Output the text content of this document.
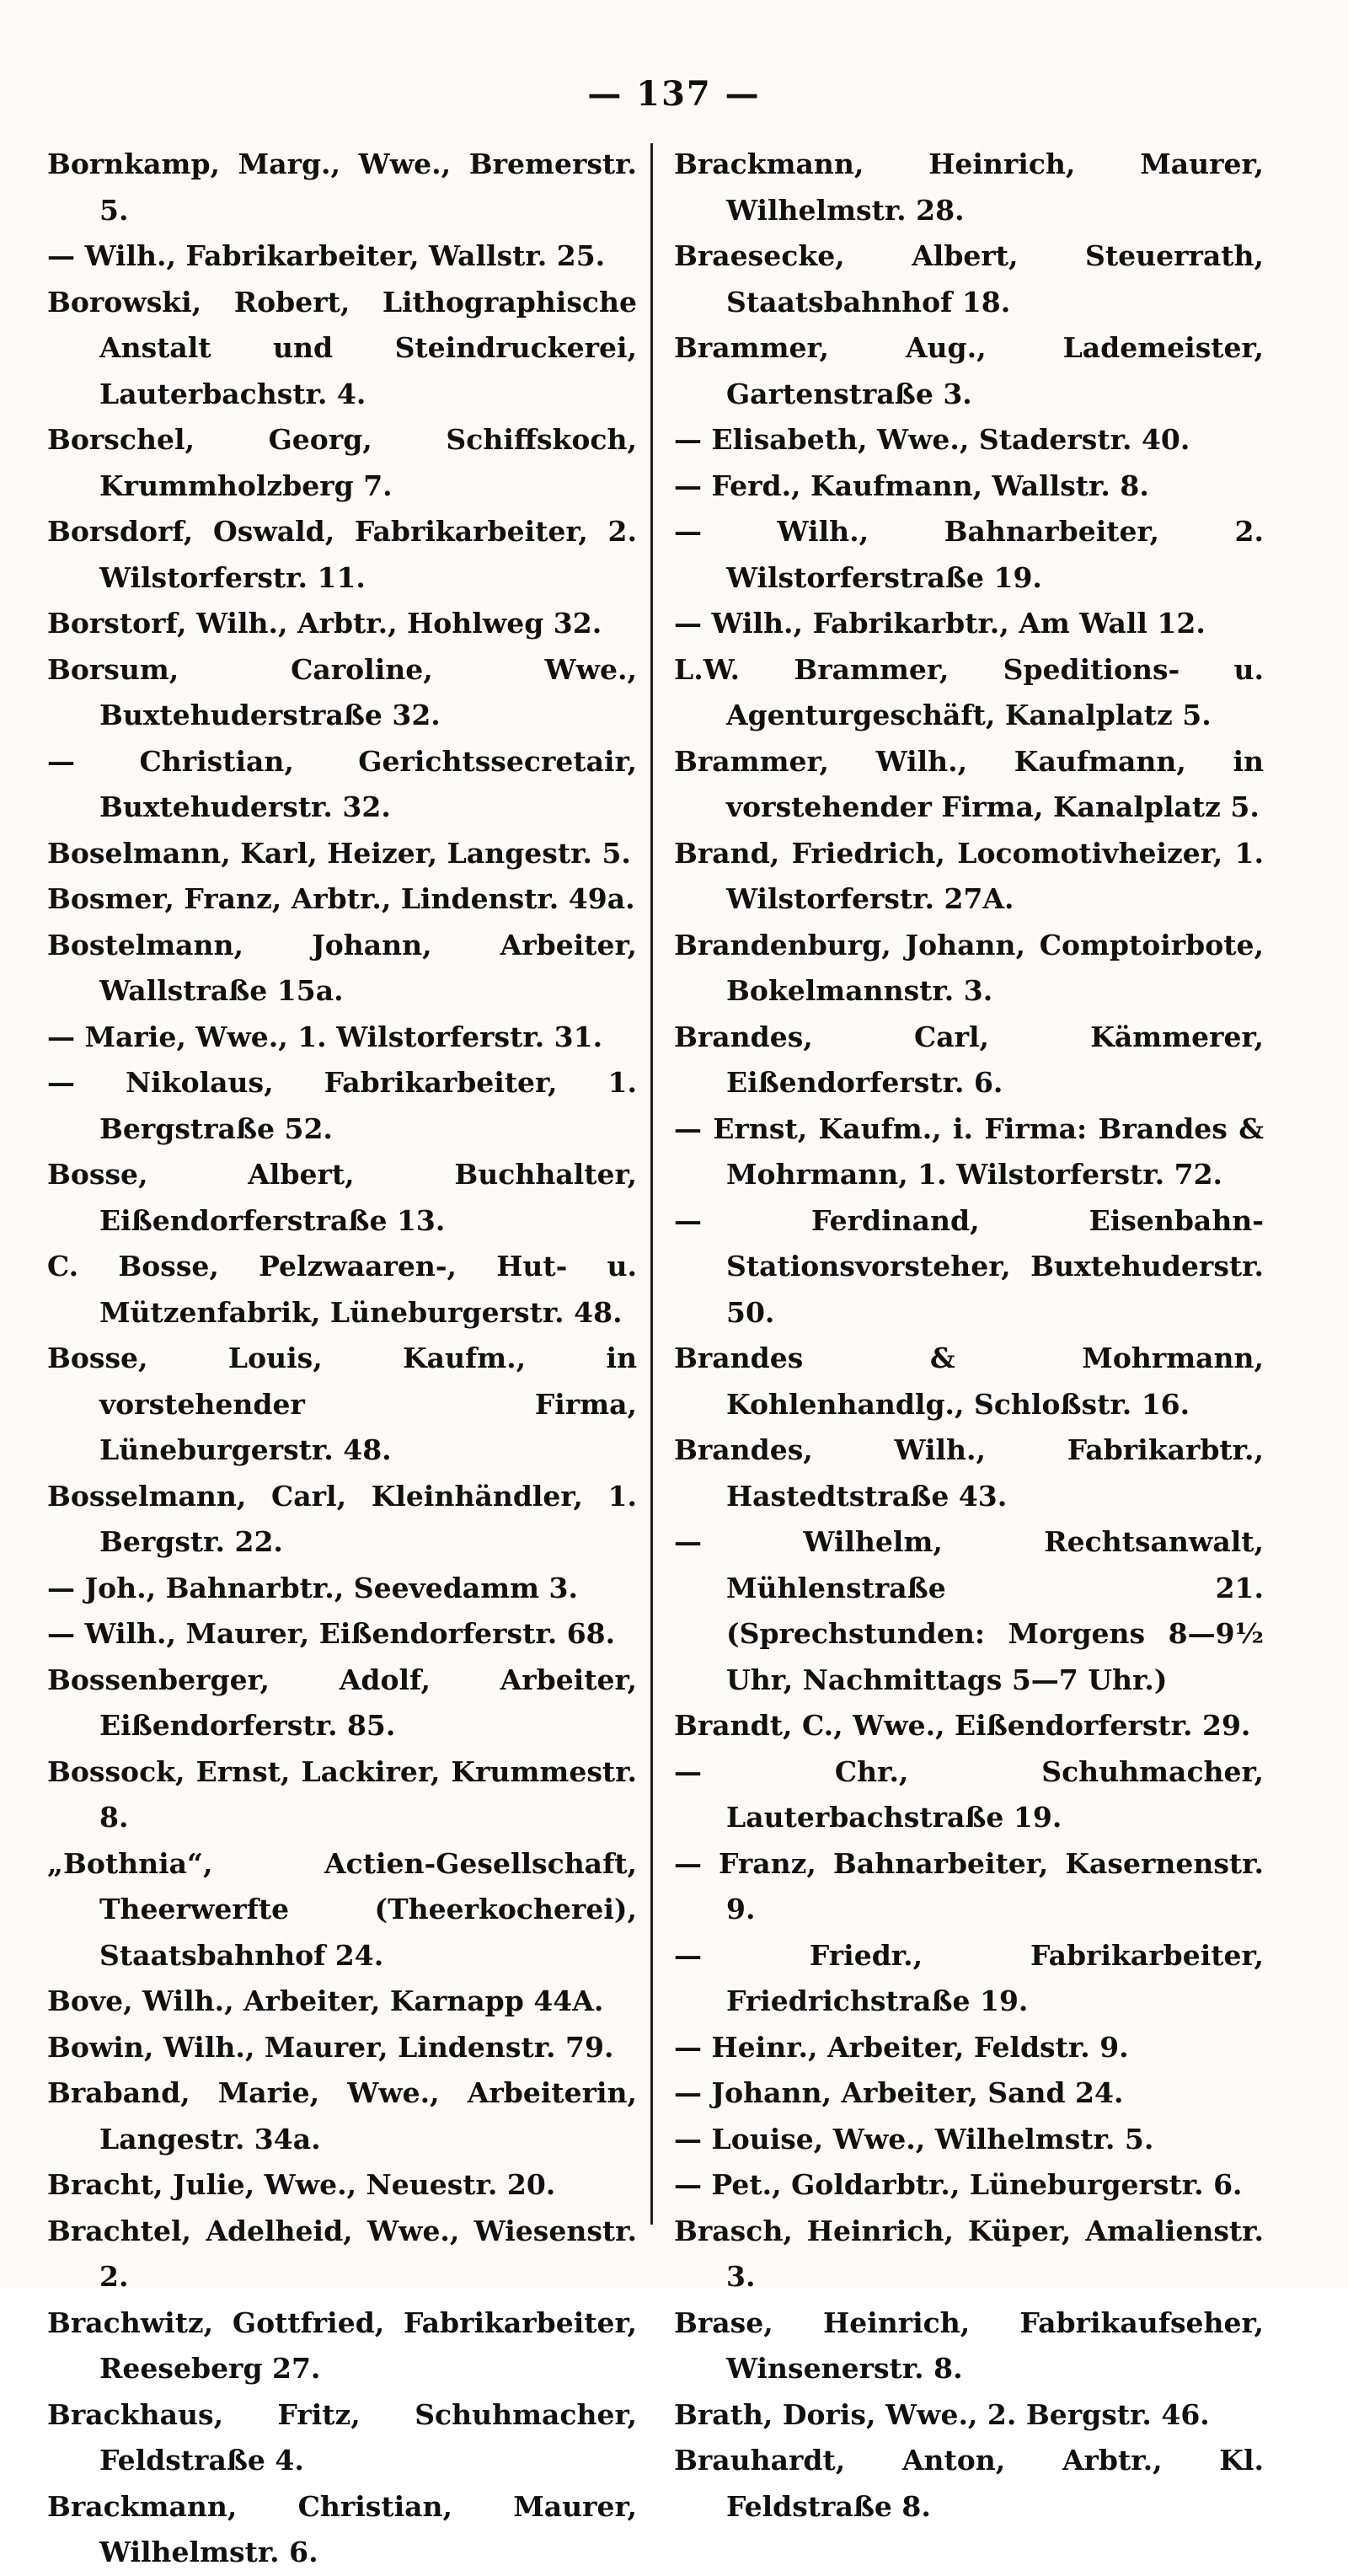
— 137 —
Bornkamp, Marg., Wwe., Bremerstr. 5.
— Wilh., Fabrikarbeiter, Wallstr. 25.
Borowski, Robert, Lithographische Anstalt und Steindruckerei, Lauterbachstr. 4.
Borschel, Georg, Schiffskoch, Krummholzberg 7.
Borsdorf, Oswald, Fabrikarbeiter, 2. Wilstorferstr. 11.
Borstorf, Wilh., Arbtr., Hohlweg 32.
Borsum, Caroline, Wwe., Buxtehuderstraße 32.
— Christian, Gerichtssecretair, Buxtehuderstr. 32.
Boselmann, Karl, Heizer, Langestr. 5.
Bosmer, Franz, Arbtr., Lindenstr. 49a.
Bostelmann, Johann, Arbeiter, Wallstraße 15a.
— Marie, Wwe., 1. Wilstorferstr. 31.
— Nikolaus, Fabrikarbeiter, 1. Bergstraße 52.
Bosse, Albert, Buchhalter, Eißendorferstraße 13.
C. Bosse, Pelzwaaren-, Hut- u. Mützenfabrik, Lüneburgerstr. 48.
Bosse, Louis, Kaufm., in vorstehender Firma, Lüneburgerstr. 48.
Bosselmann, Carl, Kleinhändler, 1. Bergstr. 22.
— Joh., Bahnarbtr., Seevedamm 3.
— Wilh., Maurer, Eißendorferstr. 68.
Bossenberger, Adolf, Arbeiter, Eißendorferstr. 85.
Bossock, Ernst, Lackirer, Krummestr. 8.
„Bothnia“, Actien-Gesellschaft, Theerwerfte (Theerkocherei), Staatsbahnhof 24.
Bove, Wilh., Arbeiter, Karnapp 44A.
Bowin, Wilh., Maurer, Lindenstr. 79.
Braband, Marie, Wwe., Arbeiterin, Langestr. 34a.
Bracht, Julie, Wwe., Neuestr. 20.
Brachtel, Adelheid, Wwe., Wiesenstr. 2.
Brachwitz, Gottfried, Fabrikarbeiter, Reeseberg 27.
Brackhaus, Fritz, Schuhmacher, Feldstraße 4.
Brackmann, Christian, Maurer, Wilhelmstr. 6.
Brackmann, Heinrich, Maurer, Wilhelmstr. 28.
Braesecke, Albert, Steuerrath, Staatsbahnhof 18.
Brammer, Aug., Lademeister, Gartenstraße 3.
— Elisabeth, Wwe., Staderstr. 40.
— Ferd., Kaufmann, Wallstr. 8.
— Wilh., Bahnarbeiter, 2. Wilstorferstraße 19.
— Wilh., Fabrikarbtr., Am Wall 12.
L.W. Brammer, Speditions- u. Agenturgeschäft, Kanalplatz 5.
Brammer, Wilh., Kaufmann, in vorstehender Firma, Kanalplatz 5.
Brand, Friedrich, Locomotivheizer, 1. Wilstorferstr. 27A.
Brandenburg, Johann, Comptoirbote, Bokelmannstr. 3.
Brandes, Carl, Kämmerer, Eißendorferstr. 6.
— Ernst, Kaufm., i. Firma: Brandes & Mohrmann, 1. Wilstorferstr. 72.
— Ferdinand, Eisenbahn-Stationsvorsteher, Buxtehuderstr. 50.
Brandes & Mohrmann, Kohlenhandlg., Schloßstr. 16.
Brandes, Wilh., Fabrikarbtr., Hastedtstraße 43.
— Wilhelm, Rechtsanwalt, Mühlenstraße 21. (Sprechstunden: Morgens 8—9½ Uhr, Nachmittags 5—7 Uhr.)
Brandt, C., Wwe., Eißendorferstr. 29.
— Chr., Schuhmacher, Lauterbachstraße 19.
— Franz, Bahnarbeiter, Kasernenstr. 9.
— Friedr., Fabrikarbeiter, Friedrichstraße 19.
— Heinr., Arbeiter, Feldstr. 9.
— Johann, Arbeiter, Sand 24.
— Louise, Wwe., Wilhelmstr. 5.
— Pet., Goldarbtr., Lüneburgerstr. 6.
Brasch, Heinrich, Küper, Amalienstr. 3.
Brase, Heinrich, Fabrikaufseher, Winsenerstr. 8.
Brath, Doris, Wwe., 2. Bergstr. 46.
Brauhardt, Anton, Arbtr., Kl. Feldstraße 8.
